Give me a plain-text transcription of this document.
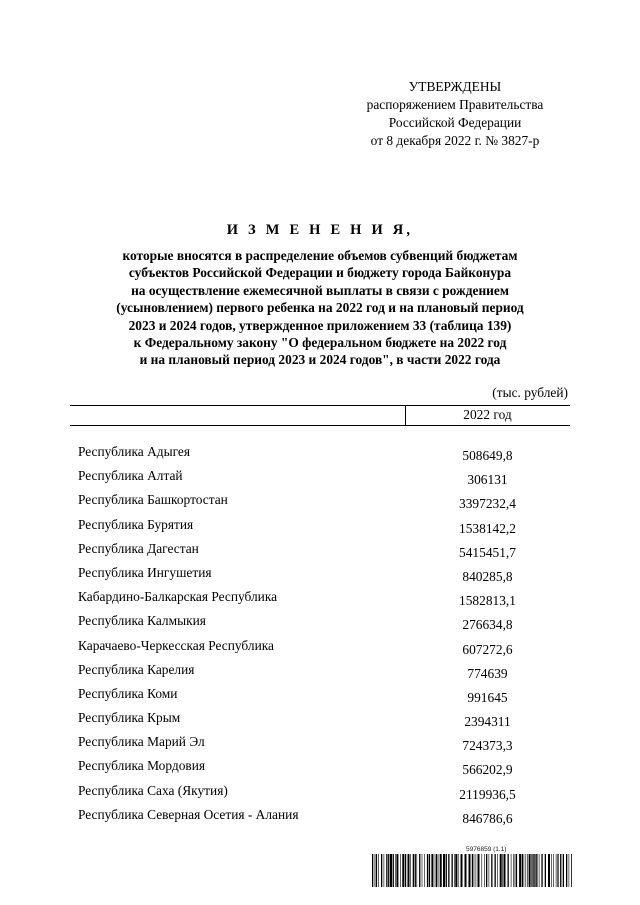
УТВЕРЖДЕНЫ
распоряжением Правительства
Российской Федерации
от 8 декабря 2022 г. № 3827-р
И З М Е Н Е Н И Я,
которые вносятся в распределение объемов субвенций бюджетам
субъектов Российской Федерации и бюджету города Байконура
на осуществление ежемесячной выплаты в связи с рождением
(усыновлением) первого ребенка на 2022 год и на плановый период
2023 и 2024 годов, утвержденное приложением 33 (таблица 139)
к Федеральному закону "О федеральном бюджете на 2022 год
и на плановый период 2023 и 2024 годов", в части 2022 года
(тыс. рублей)
2022 год
Республика Адыгея	508649,8
Республика Алтай	306131
Республика Башкортостан	3397232,4
Республика Бурятия	1538142,2
Республика Дагестан	5415451,7
Республика Ингушетия	840285,8
Кабардино-Балкарская Республика	1582813,1
Республика Калмыкия	276634,8
Карачаево-Черкесская Республика	607272,6
Республика Карелия	774639
Республика Коми	991645
Республика Крым	2394311
Республика Марий Эл	724373,3
Республика Мордовия	566202,9
Республика Саха (Якутия)	2119936,5
Республика Северная Осетия - Алания	846786,6
5976859 (1.1)
